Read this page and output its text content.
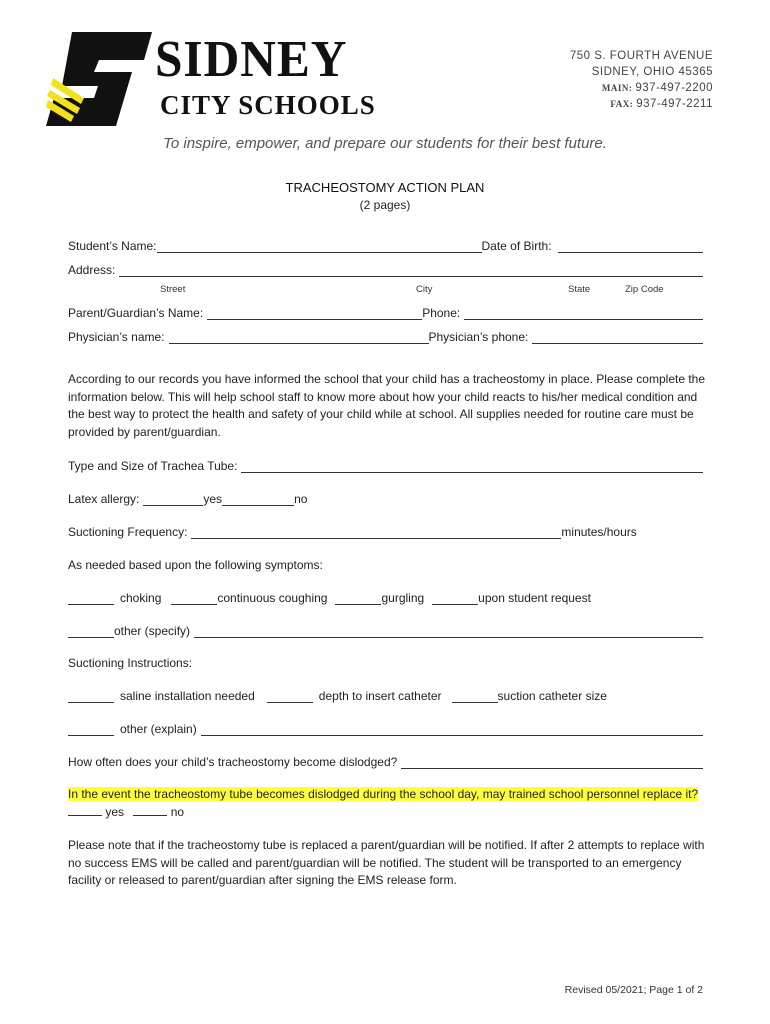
SIDNEY
CITY SCHOOLS
750 S. FOURTH AVENUE
SIDNEY, OHIO 45365
MAIN: 937-497-2200
FAX: 937-497-2211
To inspire, empower, and prepare our students for their best future.
TRACHEOSTOMY ACTION PLAN
(2 pages)
Student’s Name:	Date of Birth:
Address:
Street	City	State	Zip Code
Parent/Guardian’s Name:	Phone:
Physician’s name:	Physician’s phone:
According to our records you have informed the school that your child has a tracheostomy in place. Please complete the information below. This will help school staff to know more about how your child reacts to his/her medical condition and the best way to protect the health and safety of your child while at school. All supplies needed for routine care must be provided by parent/guardian.
Type and Size of Trachea Tube:
Latex allergy:	yes	no
Suctioning Frequency:	minutes/hours
As needed based upon the following symptoms:
choking	continuous coughing	gurgling	upon student request
other (specify)
Suctioning Instructions:
saline installation needed	depth to insert catheter	suction catheter size
other (explain)
How often does your child’s tracheostomy become dislodged?
In the event the tracheostomy tube becomes dislodged during the school day, may trained school personnel replace it?  yes	no
Please note that if the tracheostomy tube is replaced a parent/guardian will be notified. If after 2 attempts to replace with no success EMS will be called and parent/guardian will be notified. The student will be transported to an emergency facility or released to parent/guardian after signing the EMS release form.
Revised 05/2021; Page 1 of 2
